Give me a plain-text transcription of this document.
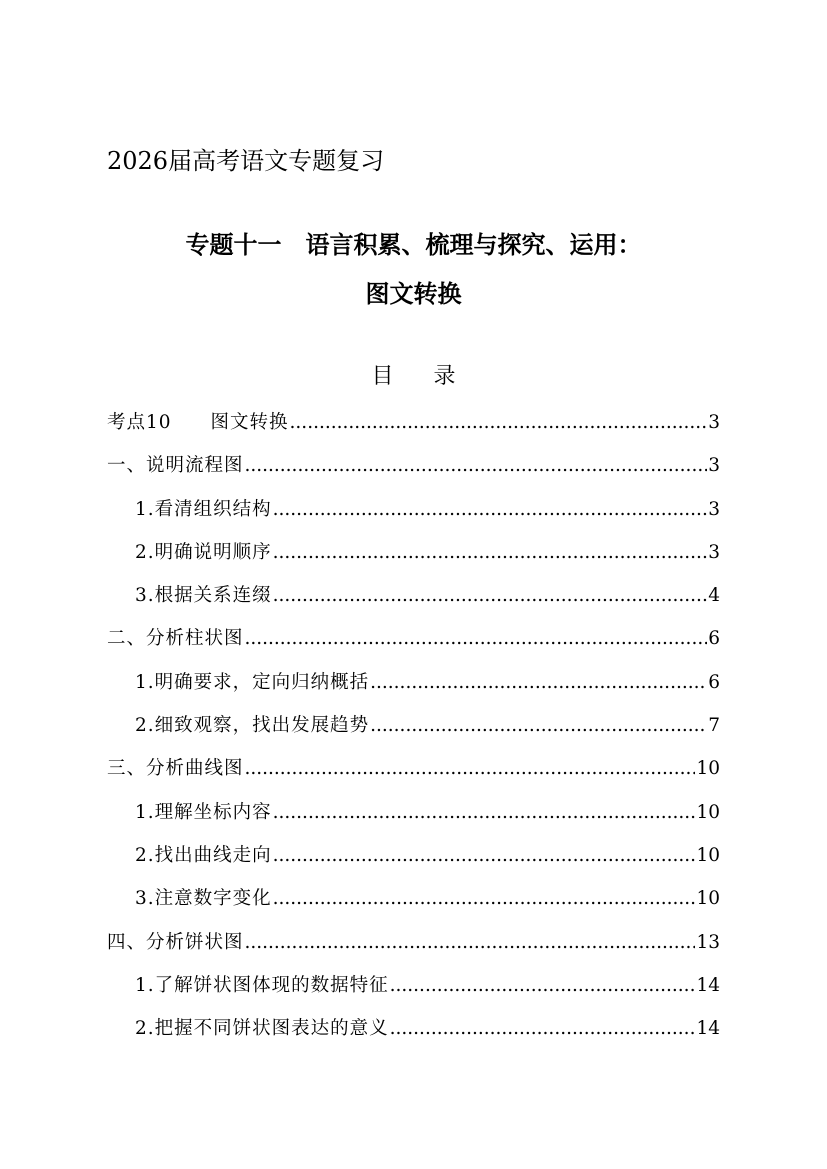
2026届高考语文专题复习
专题十一　语言积累、梳理与探究、运用：
图文转换
目录
考点10　　图文转换 .....	3
一、说明流程图 .....	3
1.看清组织结构 .....	3
2.明确说明顺序 .....	3
3.根据关系连缀 .....	4
二、分析柱状图 .....	6
1.明确要求，定向归纳概括 .....	6
2.细致观察，找出发展趋势 .....	7
三、分析曲线图 .....	10
1.理解坐标内容 .....	10
2.找出曲线走向 .....	10
3.注意数字变化 .....	10
四、分析饼状图 .....	13
1.了解饼状图体现的数据特征 .....	14
2.把握不同饼状图表达的意义 .....	14
